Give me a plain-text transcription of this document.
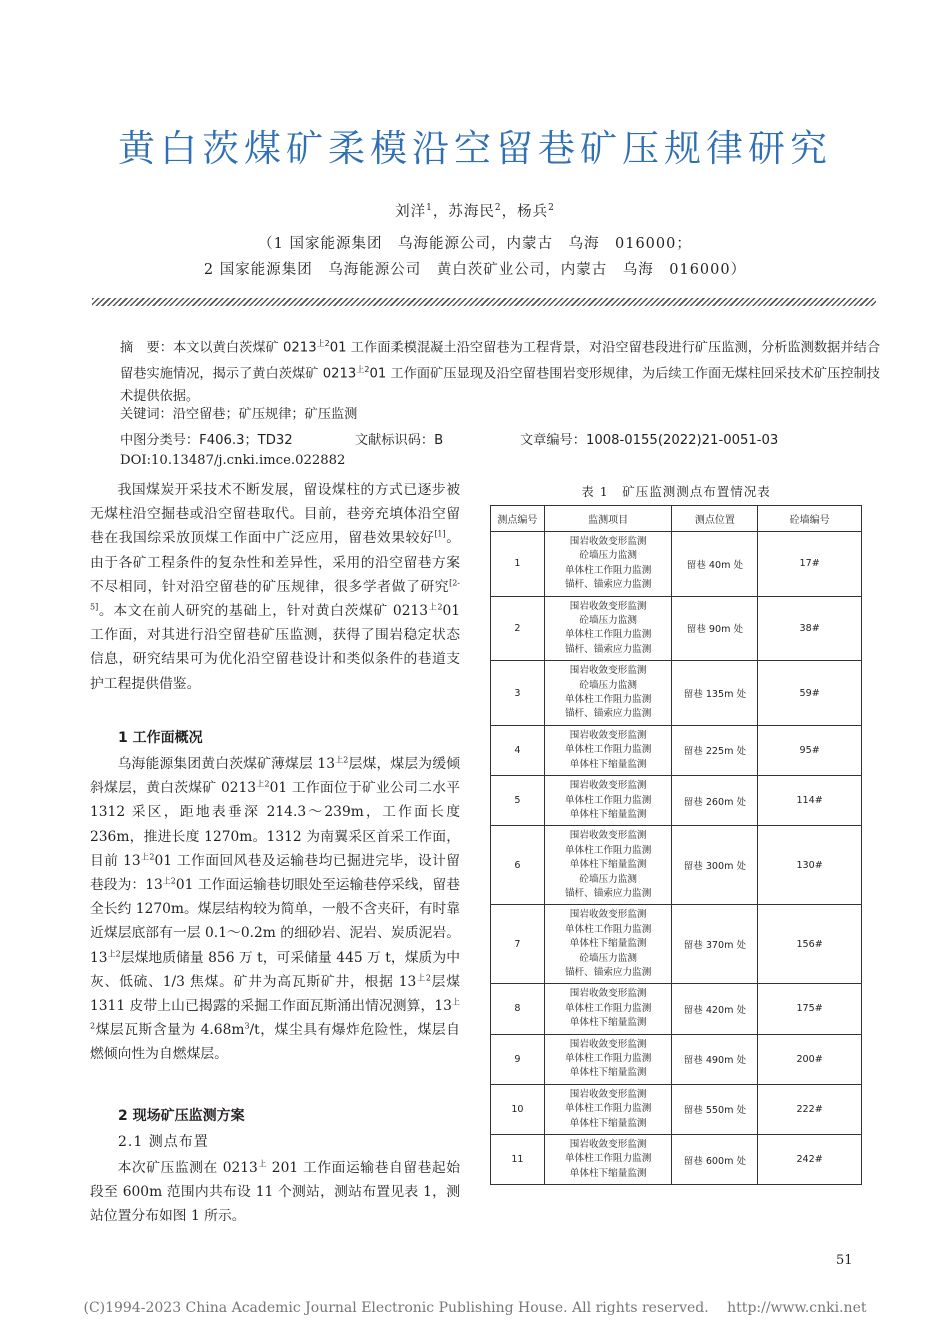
黄白茨煤矿柔模沿空留巷矿压规律研究
刘洋$^1$，苏海民$^2$，杨兵$^2$
（1 国家能源集团　乌海能源公司，内蒙古　乌海　016000；
2 国家能源集团　乌海能源公司　黄白茨矿业公司，内蒙古　乌海　016000）
摘　要：本文以黄白茨煤矿 $0213^{上2}01$ 工作面柔模混凝土沿空留巷为工程背景，对沿空留巷段进行矿压监测，分析监测数据并结合留巷实施情况，揭示了黄白茨煤矿 $0213^{上2}01$ 工作面矿压显现及沿空留巷围岩变形规律，为后续工作面无煤柱回采技术矿压控制技术提供依据。
关键词：沿空留巷；矿压规律；矿压监测
中图分类号：F406.3；TD32	文献标识码：B	文章编号：1008-0155(2022)21-0051-03
DOI:10.13487/j.cnki.imce.022882

我国煤炭开采技术不断发展，留设煤柱的方式已逐步被无煤柱沿空掘巷或沿空留巷取代。目前，巷旁充填体沿空留巷在我国综采放顶煤工作面中广泛应用，留巷效果较好[1]。由于各矿工程条件的复杂性和差异性，采用的沿空留巷方案不尽相同，针对沿空留巷的矿压规律，很多学者做了研究[2-5]。本文在前人研究的基础上，针对黄白茨煤矿 $0213^{上2}01$ 工作面，对其进行沿空留巷矿压监测，获得了围岩稳定状态信息，研究结果可为优化沿空留巷设计和类似条件的巷道支护工程提供借鉴。

1 工作面概况

乌海能源集团黄白茨煤矿薄煤层 $13^{上2}$层煤，煤层为缓倾斜煤层，黄白茨煤矿 $0213^{上2}01$ 工作面位于矿业公司二水平 1312 采区，距地表垂深 214.3～239m，工作面长度 236m，推进长度 1270m。1312 为南翼采区首采工作面，目前 $13^{上2}01$ 工作面回风巷及运输巷均已掘进完毕，设计留巷段为：$13^{上2}01$ 工作面运输巷切眼处至运输巷停采线，留巷全长约 1270m。煤层结构较为简单，一般不含夹矸，有时靠近煤层底部有一层 0.1～0.2m 的细砂岩、泥岩、炭质泥岩。$13^{上2}$层煤地质储量 856 万 t，可采储量 445 万 t，煤质为中灰、低硫、1/3 焦煤。矿井为高瓦斯矿井，根据 $13^{上2}$层煤 1311 皮带上山已揭露的采掘工作面瓦斯涌出情况测算，$13^{上2}$煤层瓦斯含量为 $4.68m^3/t$，煤尘具有爆炸危险性，煤层自燃倾向性为自燃煤层。

2 现场矿压监测方案
2.1 测点布置

本次矿压监测在 $0213^上$ 201 工作面运输巷自留巷起始段至 600m 范围内共布设 11 个测站，测站布置见表 1，测站位置分布如图 1 所示。

表 1　矿压监测测点布置情况表
测点编号	监测项目	测点位置	砼墙编号
1	围岩收敛变形监测
砼墙压力监测
单体柱工作阻力监测
锚杆、锚索应力监测	留巷 40m 处	17#
2	围岩收敛变形监测
砼墙压力监测
单体柱工作阻力监测
锚杆、锚索应力监测	留巷 90m 处	38#
3	围岩收敛变形监测
砼墙压力监测
单体柱工作阻力监测
锚杆、锚索应力监测	留巷 135m 处	59#
4	围岩收敛变形监测
单体柱工作阻力监测
单体柱下缩量监测	留巷 225m 处	95#
5	围岩收敛变形监测
单体柱工作阻力监测
单体柱下缩量监测	留巷 260m 处	114#
6	围岩收敛变形监测
单体柱工作阻力监测
单体柱下缩量监测
砼墙压力监测
锚杆、锚索应力监测	留巷 300m 处	130#
7	围岩收敛变形监测
单体柱工作阻力监测
单体柱下缩量监测
砼墙压力监测
锚杆、锚索应力监测	留巷 370m 处	156#
8	围岩收敛变形监测
单体柱工作阻力监测
单体柱下缩量监测	留巷 420m 处	175#
9	围岩收敛变形监测
单体柱工作阻力监测
单体柱下缩量监测	留巷 490m 处	200#
10	围岩收敛变形监测
单体柱工作阻力监测
单体柱下缩量监测	留巷 550m 处	222#
11	围岩收敛变形监测
单体柱工作阻力监测
单体柱下缩量监测	留巷 600m 处	242#
51
(C)1994-2023 China Academic Journal Electronic Publishing House. All rights reserved.　 http://www.cnki.net
